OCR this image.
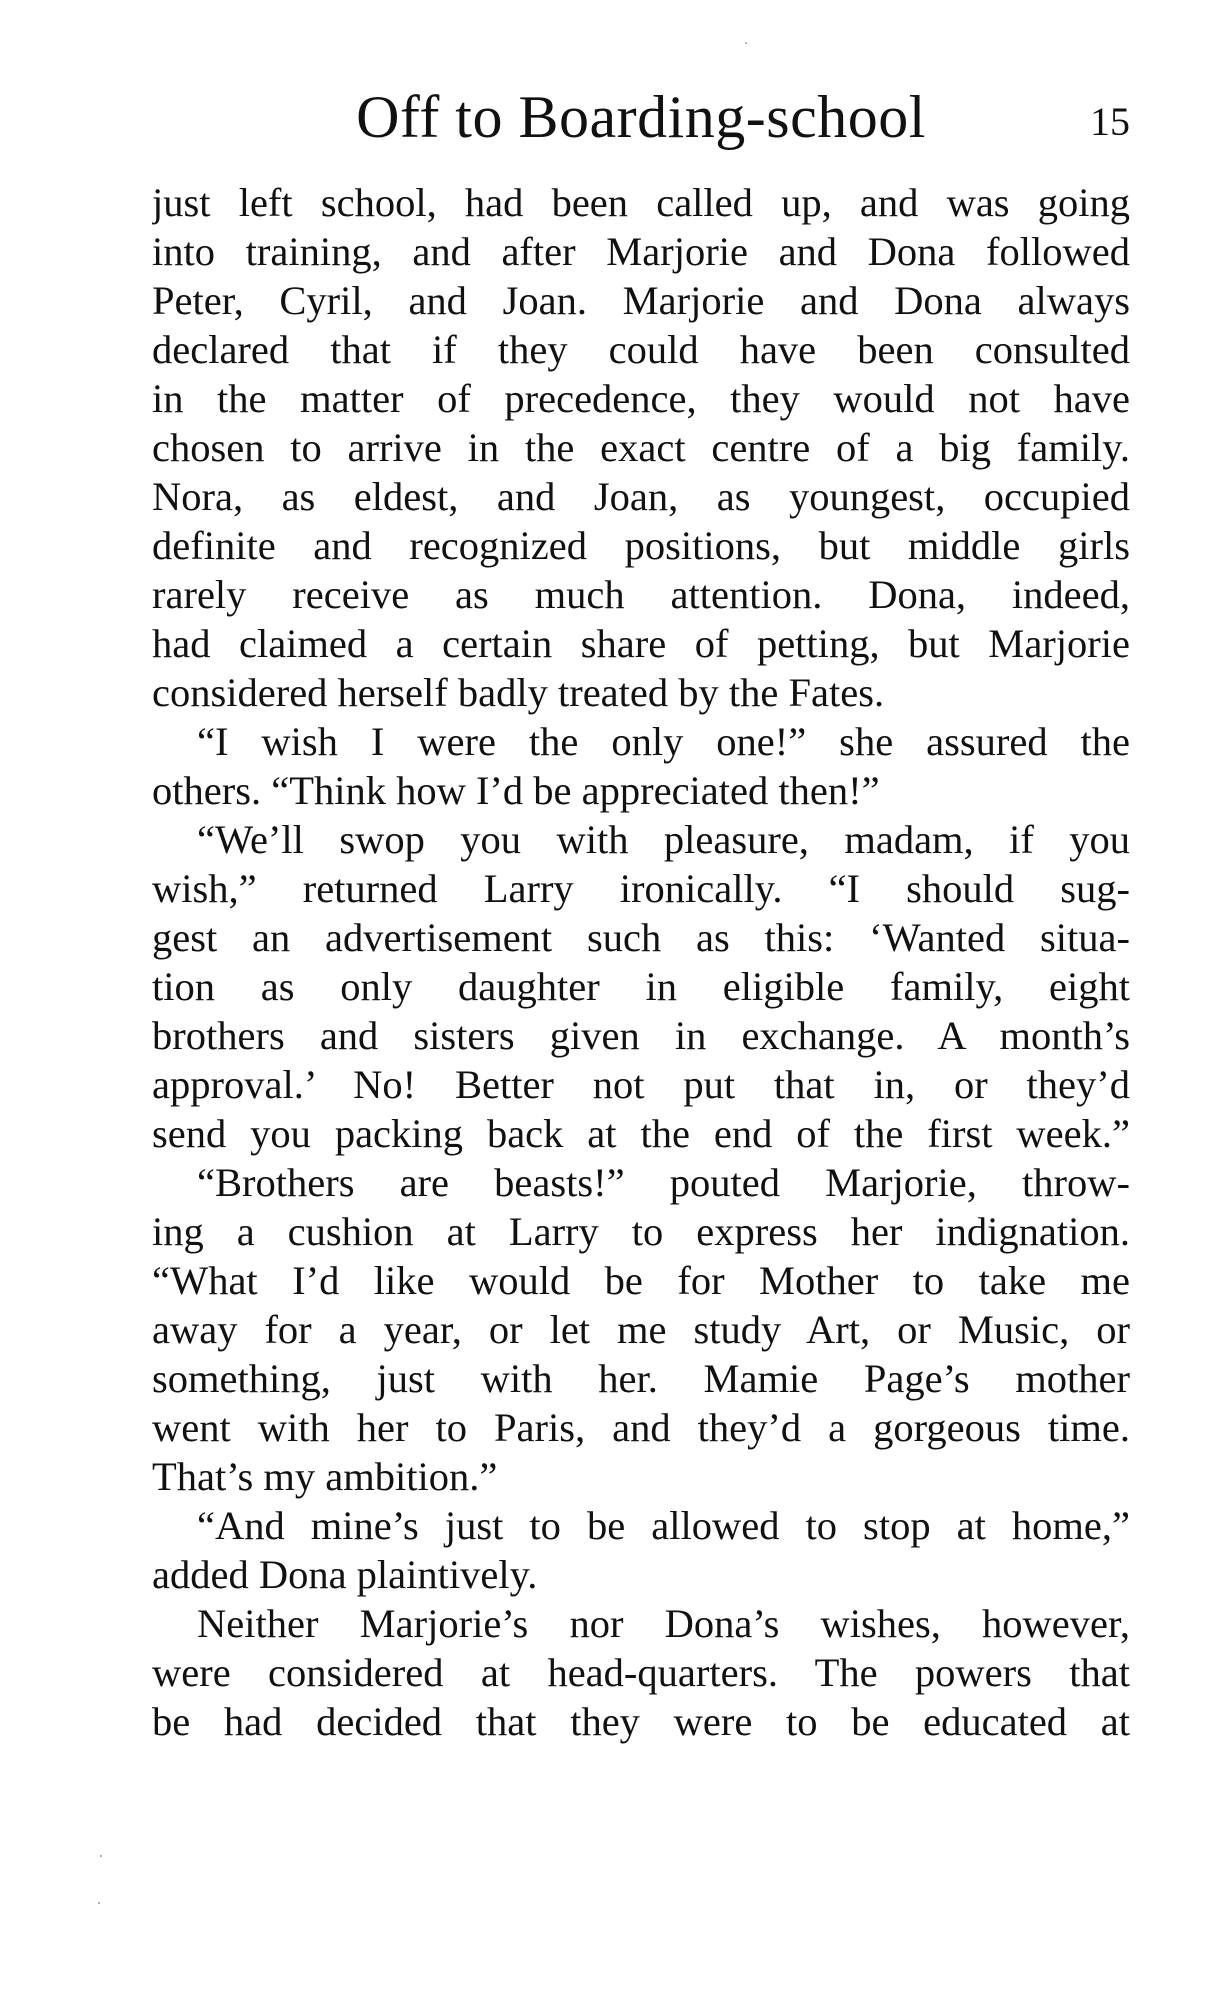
Off to Boarding-school	15
just left school, had been called up, and was going
into training, and after Marjorie and Dona followed
Peter, Cyril, and Joan. Marjorie and Dona always
declared that if they could have been consulted
in the matter of precedence, they would not have
chosen to arrive in the exact centre of a big family.
Nora, as eldest, and Joan, as youngest, occupied
definite and recognized positions, but middle girls
rarely receive as much attention. Dona, indeed,
had claimed a certain share of petting, but Marjorie
considered herself badly treated by the Fates.
“I wish I were the only one!” she assured the
others. “Think how I’d be appreciated then!”
“We’ll swop you with pleasure, madam, if you
wish,” returned Larry ironically. “I should sug-
gest an advertisement such as this: ‘Wanted situa-
tion as only daughter in eligible family, eight
brothers and sisters given in exchange. A month’s
approval.’ No! Better not put that in, or they’d
send you packing back at the end of the first week.”
“Brothers are beasts!” pouted Marjorie, throw-
ing a cushion at Larry to express her indignation.
“What I’d like would be for Mother to take me
away for a year, or let me study Art, or Music, or
something, just with her. Mamie Page’s mother
went with her to Paris, and they’d a gorgeous time.
That’s my ambition.”
“And mine’s just to be allowed to stop at home,”
added Dona plaintively.
Neither Marjorie’s nor Dona’s wishes, however,
were considered at head-quarters. The powers that
be had decided that they were to be educated at
